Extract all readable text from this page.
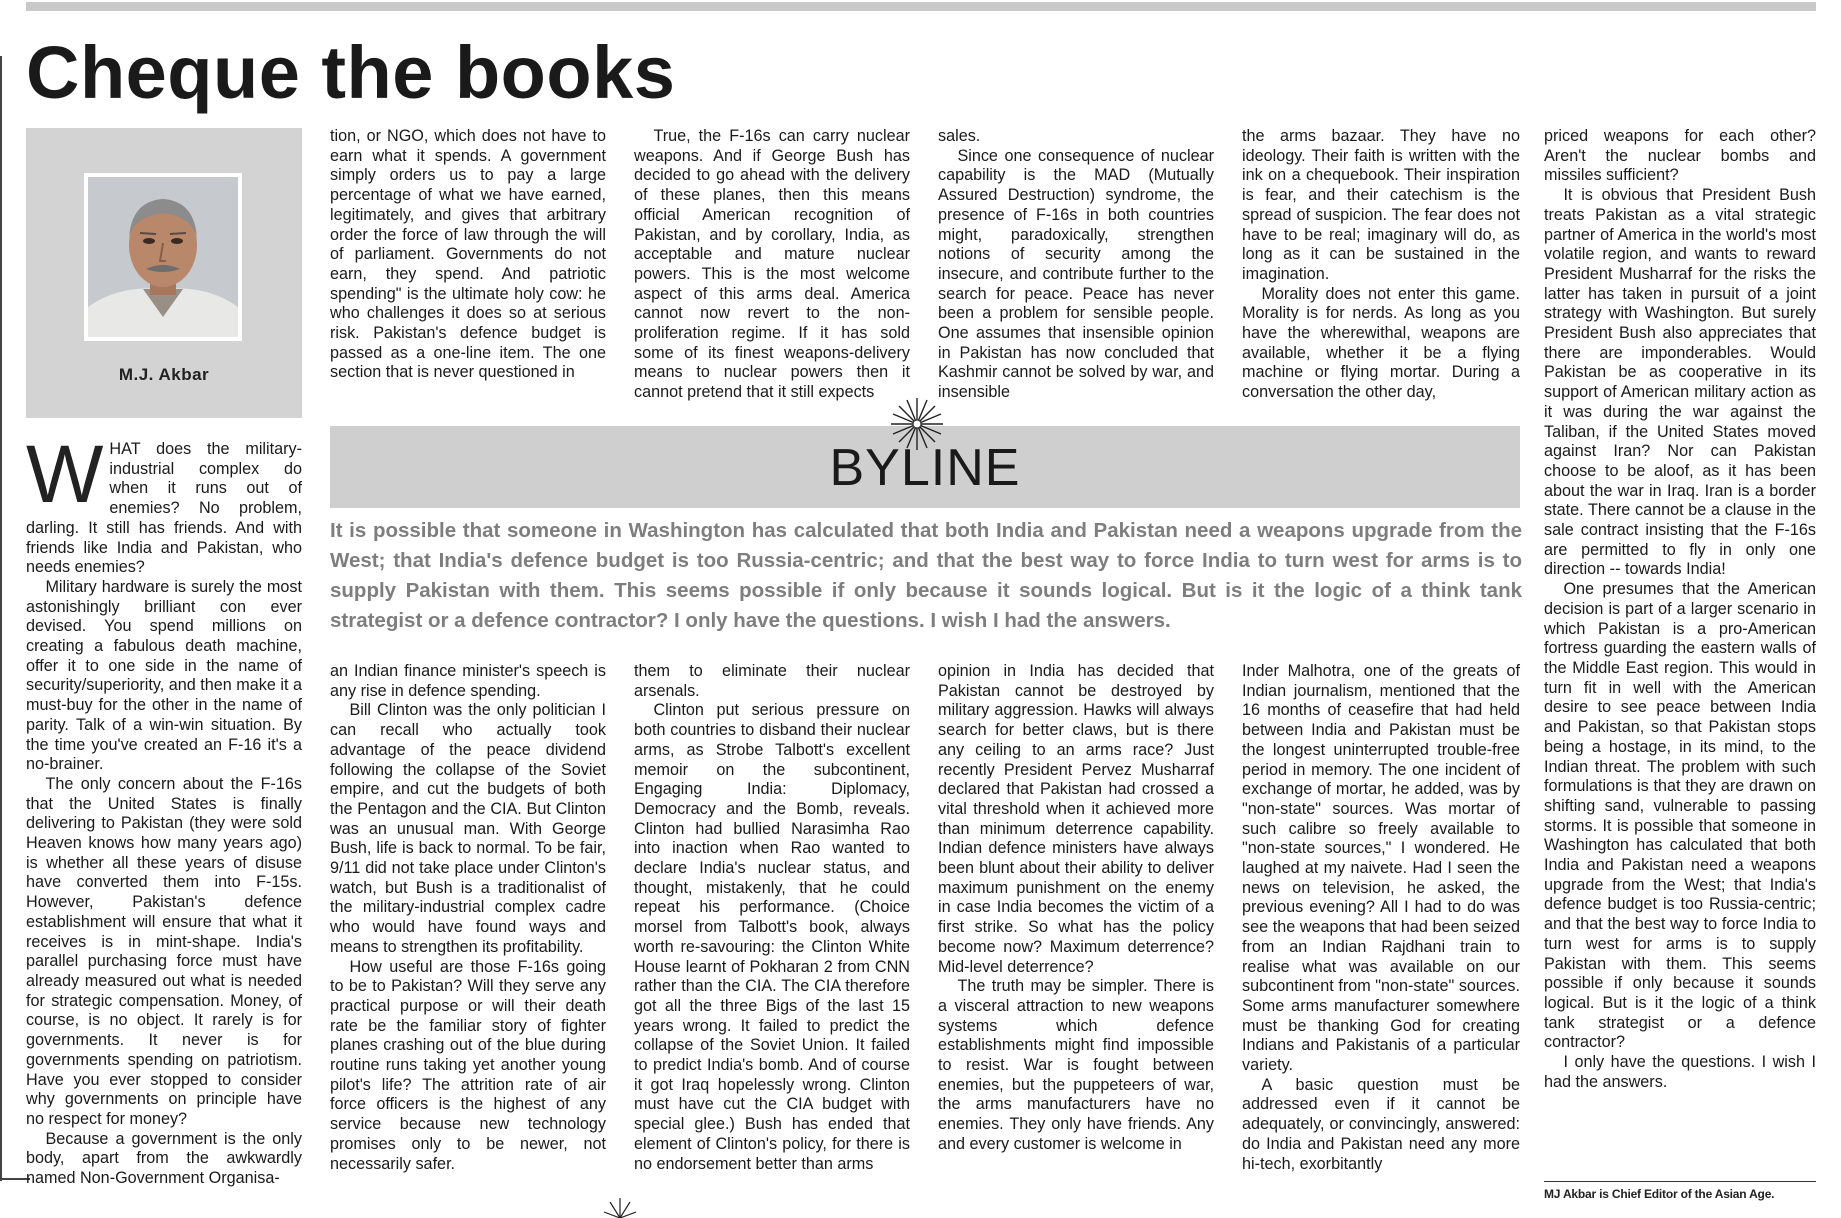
Cheque the books
M.J. Akbar

WHAT does the military-industrial complex do when it runs out of enemies? No problem, darling. It still has friends. And with friends like India and Pakistan, who needs enemies?

Military hardware is surely the most astonishingly brilliant con ever devised. You spend millions on creating a fabulous death machine, offer it to one side in the name of security/superiority, and then make it a must-buy for the other in the name of parity. Talk of a win-win situation. By the time you've created an F-16 it's a no-brainer.

The only concern about the F-16s that the United States is finally delivering to Pakistan (they were sold Heaven knows how many years ago) is whether all these years of disuse have converted them into F-15s. However, Pakistan's defence establishment will ensure that what it receives is in mint-shape. India's parallel purchasing force must have already measured out what is needed for strategic compensation. Money, of course, is no object. It rarely is for governments. It never is for governments spending on patriotism. Have you ever stopped to consider why governments on principle have no respect for money?

Because a government is the only body, apart from the awkwardly named Non-Government Organisa-

tion, or NGO, which does not have to earn what it spends. A government simply orders us to pay a large percentage of what we have earned, legitimately, and gives that arbitrary order the force of law through the will of parliament. Governments do not earn, they spend. And patriotic spending" is the ultimate holy cow: he who challenges it does so at serious risk. Pakistan's defence budget is passed as a one-line item. The one section that is never questioned in

True, the F-16s can carry nuclear weapons. And if George Bush has decided to go ahead with the delivery of these planes, then this means official American recognition of Pakistan, and by corollary, India, as acceptable and mature nuclear powers. This is the most welcome aspect of this arms deal. America cannot now revert to the non-proliferation regime. If it has sold some of its finest weapons-delivery means to nuclear powers then it cannot pretend that it still expects

sales.

Since one consequence of nuclear capability is the MAD (Mutually Assured Destruction) syndrome, the presence of F-16s in both countries might, paradoxically, strengthen notions of security among the insecure, and contribute further to the search for peace. Peace has never been a problem for sensible people. One assumes that insensible opinion in Pakistan has now concluded that Kashmir cannot be solved by war, and insensible

the arms bazaar. They have no ideology. Their faith is written with the ink on a chequebook. Their inspiration is fear, and their catechism is the spread of suspicion. The fear does not have to be real; imaginary will do, as long as it can be sustained in the imagination.

Morality does not enter this game. Morality is for nerds. As long as you have the wherewithal, weapons are available, whether it be a flying machine or flying mortar. During a conversation the other day,

priced weapons for each other? Aren't the nuclear bombs and missiles sufficient?

It is obvious that President Bush treats Pakistan as a vital strategic partner of America in the world's most volatile region, and wants to reward President Musharraf for the risks the latter has taken in pursuit of a joint strategy with Washington. But surely President Bush also appreciates that there are imponderables. Would Pakistan be as cooperative in its support of American military action as it was during the war against the Taliban, if the United States moved against Iran? Nor can Pakistan choose to be aloof, as it has been about the war in Iraq. Iran is a border state. There cannot be a clause in the sale contract insisting that the F-16s are permitted to fly in only one direction -- towards India!

One presumes that the American decision is part of a larger scenario in which Pakistan is a pro-American fortress guarding the eastern walls of the Middle East region. This would in turn fit in well with the American desire to see peace between India and Pakistan, so that Pakistan stops being a hostage, in its mind, to the Indian threat. The problem with such formulations is that they are drawn on shifting sand, vulnerable to passing storms. It is possible that someone in Washington has calculated that both India and Pakistan need a weapons upgrade from the West; that India's defence budget is too Russia-centric; and that the best way to force India to turn west for arms is to supply Pakistan with them. This seems possible if only because it sounds logical. But is it the logic of a think tank strategist or a defence contractor?

I only have the questions. I wish I had the answers.

BYLINE

It is possible that someone in Washington has calculated that both India and Pakistan need a weapons upgrade from the West; that India's defence budget is too Russia-centric; and that the best way to force India to turn west for arms is to supply Pakistan with them. This seems possible if only because it sounds logical. But is it the logic of a think tank strategist or a defence contractor? I only have the questions. I wish I had the answers.

an Indian finance minister's speech is any rise in defence spending.

Bill Clinton was the only politician I can recall who actually took advantage of the peace dividend following the collapse of the Soviet empire, and cut the budgets of both the Pentagon and the CIA. But Clinton was an unusual man. With George Bush, life is back to normal. To be fair, 9/11 did not take place under Clinton's watch, but Bush is a traditionalist of the military-industrial complex cadre who would have found ways and means to strengthen its profitability.

How useful are those F-16s going to be to Pakistan? Will they serve any practical purpose or will their death rate be the familiar story of fighter planes crashing out of the blue during routine runs taking yet another young pilot's life? The attrition rate of air force officers is the highest of any service because new technology promises only to be newer, not necessarily safer.

them to eliminate their nuclear arsenals.

Clinton put serious pressure on both countries to disband their nuclear arms, as Strobe Talbott's excellent memoir on the subcontinent, Engaging India: Diplomacy, Democracy and the Bomb, reveals. Clinton had bullied Narasimha Rao into inaction when Rao wanted to declare India's nuclear status, and thought, mistakenly, that he could repeat his performance. (Choice morsel from Talbott's book, always worth re-savouring: the Clinton White House learnt of Pokharan 2 from CNN rather than the CIA. The CIA therefore got all the three Bigs of the last 15 years wrong. It failed to predict the collapse of the Soviet Union. It failed to predict India's bomb. And of course it got Iraq hopelessly wrong. Clinton must have cut the CIA budget with special glee.) Bush has ended that element of Clinton's policy, for there is no endorsement better than arms

opinion in India has decided that Pakistan cannot be destroyed by military aggression. Hawks will always search for better claws, but is there any ceiling to an arms race? Just recently President Pervez Musharraf declared that Pakistan had crossed a vital threshold when it achieved more than minimum deterrence capability. Indian defence ministers have always been blunt about their ability to deliver maximum punishment on the enemy in case India becomes the victim of a first strike. So what has the policy become now? Maximum deterrence? Mid-level deterrence?

The truth may be simpler. There is a visceral attraction to new weapons systems which defence establishments might find impossible to resist. War is fought between enemies, but the puppeteers of war, the arms manufacturers have no enemies. They only have friends. Any and every customer is welcome in

Inder Malhotra, one of the greats of Indian journalism, mentioned that the 16 months of ceasefire that had held between India and Pakistan must be the longest uninterrupted trouble-free period in memory. The one incident of exchange of mortar, he added, was by "non-state" sources. Was mortar of such calibre so freely available to "non-state sources," I wondered. He laughed at my naivete. Had I seen the news on television, he asked, the previous evening? All I had to do was see the weapons that had been seized from an Indian Rajdhani train to realise what was available on our subcontinent from "non-state" sources. Some arms manufacturer somewhere must be thanking God for creating Indians and Pakistanis of a particular variety.

A basic question must be addressed even if it cannot be adequately, or convincingly, answered: do India and Pakistan need any more hi-tech, exorbitantly

MJ Akbar is Chief Editor of the Asian Age.
